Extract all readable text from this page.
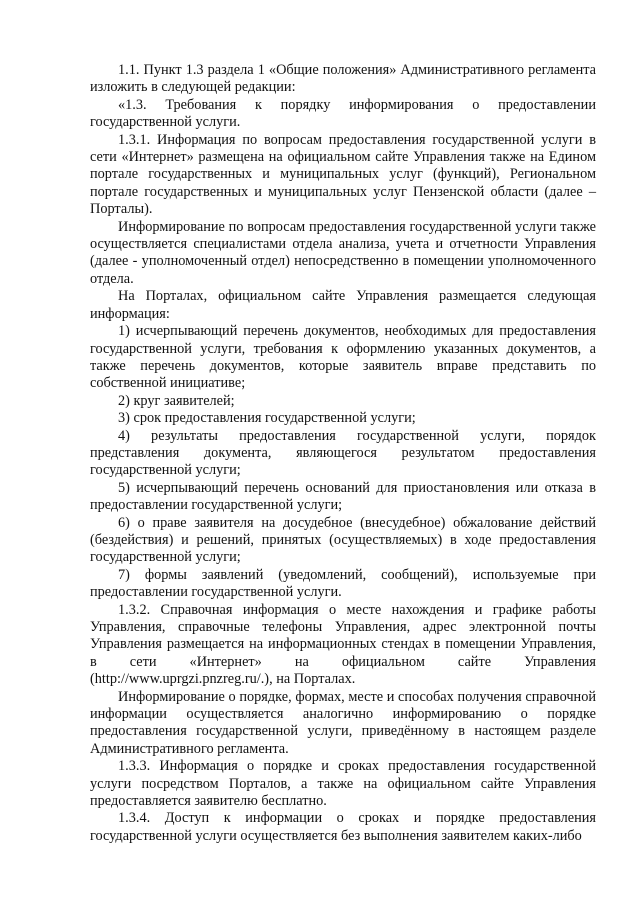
1.1. Пункт 1.3 раздела 1 «Общие положения» Административного регламента изложить в следующей редакции:

«1.3. Требования к порядку информирования о предоставлении государственной услуги.

1.3.1. Информация по вопросам предоставления государственной услуги в сети «Интернет» размещена на официальном сайте Управления также на Едином портале государственных и муниципальных услуг (функций), Региональном портале государственных и муниципальных услуг Пензенской области (далее – Порталы).

Информирование по вопросам предоставления государственной услуги также осуществляется специалистами отдела анализа, учета и отчетности Управления (далее - уполномоченный отдел) непосредственно в помещении уполномоченного отдела.

На Порталах, официальном сайте Управления размещается следующая информация:

1) исчерпывающий перечень документов, необходимых для предоставления государственной услуги, требования к оформлению указанных документов, а также перечень документов, которые заявитель вправе представить по собственной инициативе;

2) круг заявителей;

3) срок предоставления государственной услуги;

4) результаты предоставления государственной услуги, порядок представления документа, являющегося результатом предоставления государственной услуги;

5) исчерпывающий перечень оснований для приостановления или отказа в предоставлении государственной услуги;

6) о праве заявителя на досудебное (внесудебное) обжалование действий (бездействия) и решений, принятых (осуществляемых) в ходе предоставления государственной услуги;

7) формы заявлений (уведомлений, сообщений), используемые при предоставлении государственной услуги.

1.3.2. Справочная информация о месте нахождения и графике работы Управления, справочные телефоны Управления, адрес электронной почты Управления размещается на информационных стендах в помещении Управления, в сети «Интернет» на официальном сайте Управления (http://www.uprgzi.pnzreg.ru/.), на Порталах.

Информирование о порядке, формах, месте и способах получения справочной информации осуществляется аналогично информированию о порядке предоставления государственной услуги, приведённому в настоящем разделе Административного регламента.

1.3.3. Информация о порядке и сроках предоставления государственной услуги посредством Порталов, а также на официальном сайте Управления предоставляется заявителю бесплатно.

1.3.4. Доступ к информации о сроках и порядке предоставления государственной услуги осуществляется без выполнения заявителем каких-либо
